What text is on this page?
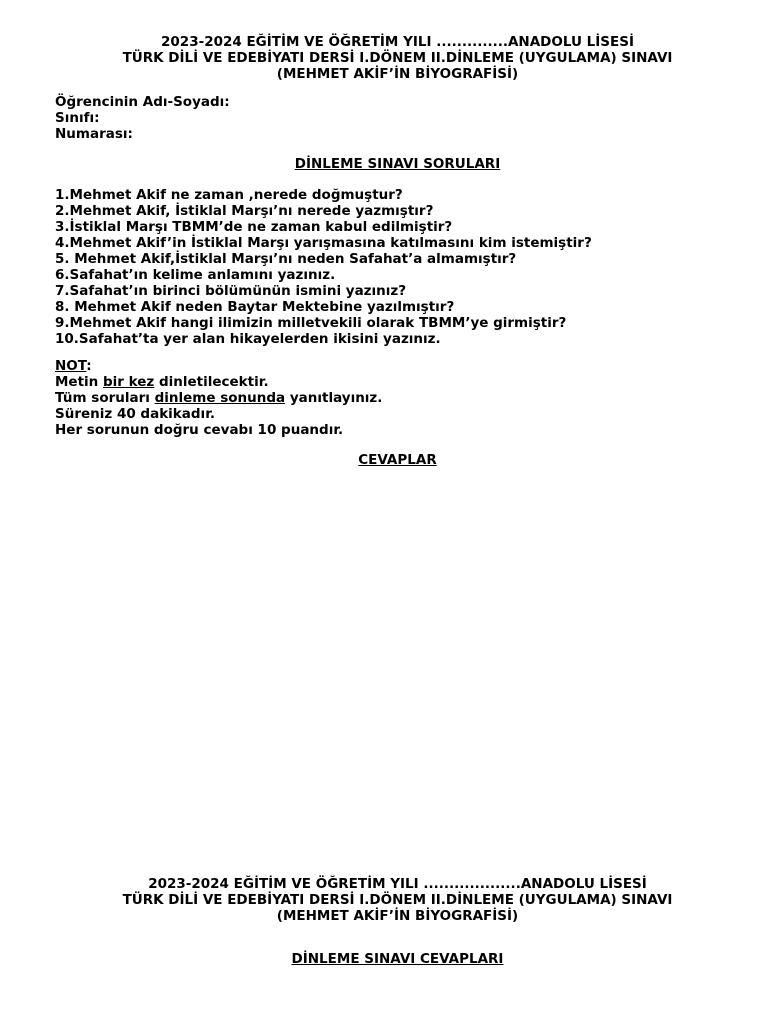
2023-2024 EĞİTİM VE ÖĞRETİM YILI ..............ANADOLU LİSESİ
TÜRK DİLİ VE EDEBİYATI DERSİ I.DÖNEM II.DİNLEME (UYGULAMA) SINAVI
(MEHMET AKİF’İN BİYOGRAFİSİ)
Öğrencinin Adı-Soyadı:
Sınıfı:
Numarası:
DİNLEME SINAVI SORULARI
1.Mehmet Akif ne zaman ,nerede doğmuştur?
2.Mehmet Akif, İstiklal Marşı’nı nerede yazmıştır?
3.İstiklal Marşı TBMM’de ne zaman kabul edilmiştir?
4.Mehmet Akif’in İstiklal Marşı yarışmasına katılmasını kim istemiştir?
5. Mehmet Akif,İstiklal Marşı’nı neden Safahat’a almamıştır?
6.Safahat’ın kelime anlamını yazınız.
7.Safahat’ın birinci bölümünün ismini yazınız?
8. Mehmet Akif neden Baytar Mektebine yazılmıştır?
9.Mehmet Akif hangi ilimizin milletvekili olarak TBMM’ye girmiştir?
10.Safahat’ta yer alan hikayelerden ikisini yazınız.
NOT:
Metin bir kez dinletilecektir.
Tüm soruları dinleme sonunda yanıtlayınız.
Süreniz 40 dakikadır.
Her sorunun doğru cevabı 10 puandır.
CEVAPLAR
2023-2024 EĞİTİM VE ÖĞRETİM YILI ...................ANADOLU LİSESİ
TÜRK DİLİ VE EDEBİYATI DERSİ I.DÖNEM II.DİNLEME (UYGULAMA) SINAVI
(MEHMET AKİF’İN BİYOGRAFİSİ)
DİNLEME SINAVI CEVAPLARI
